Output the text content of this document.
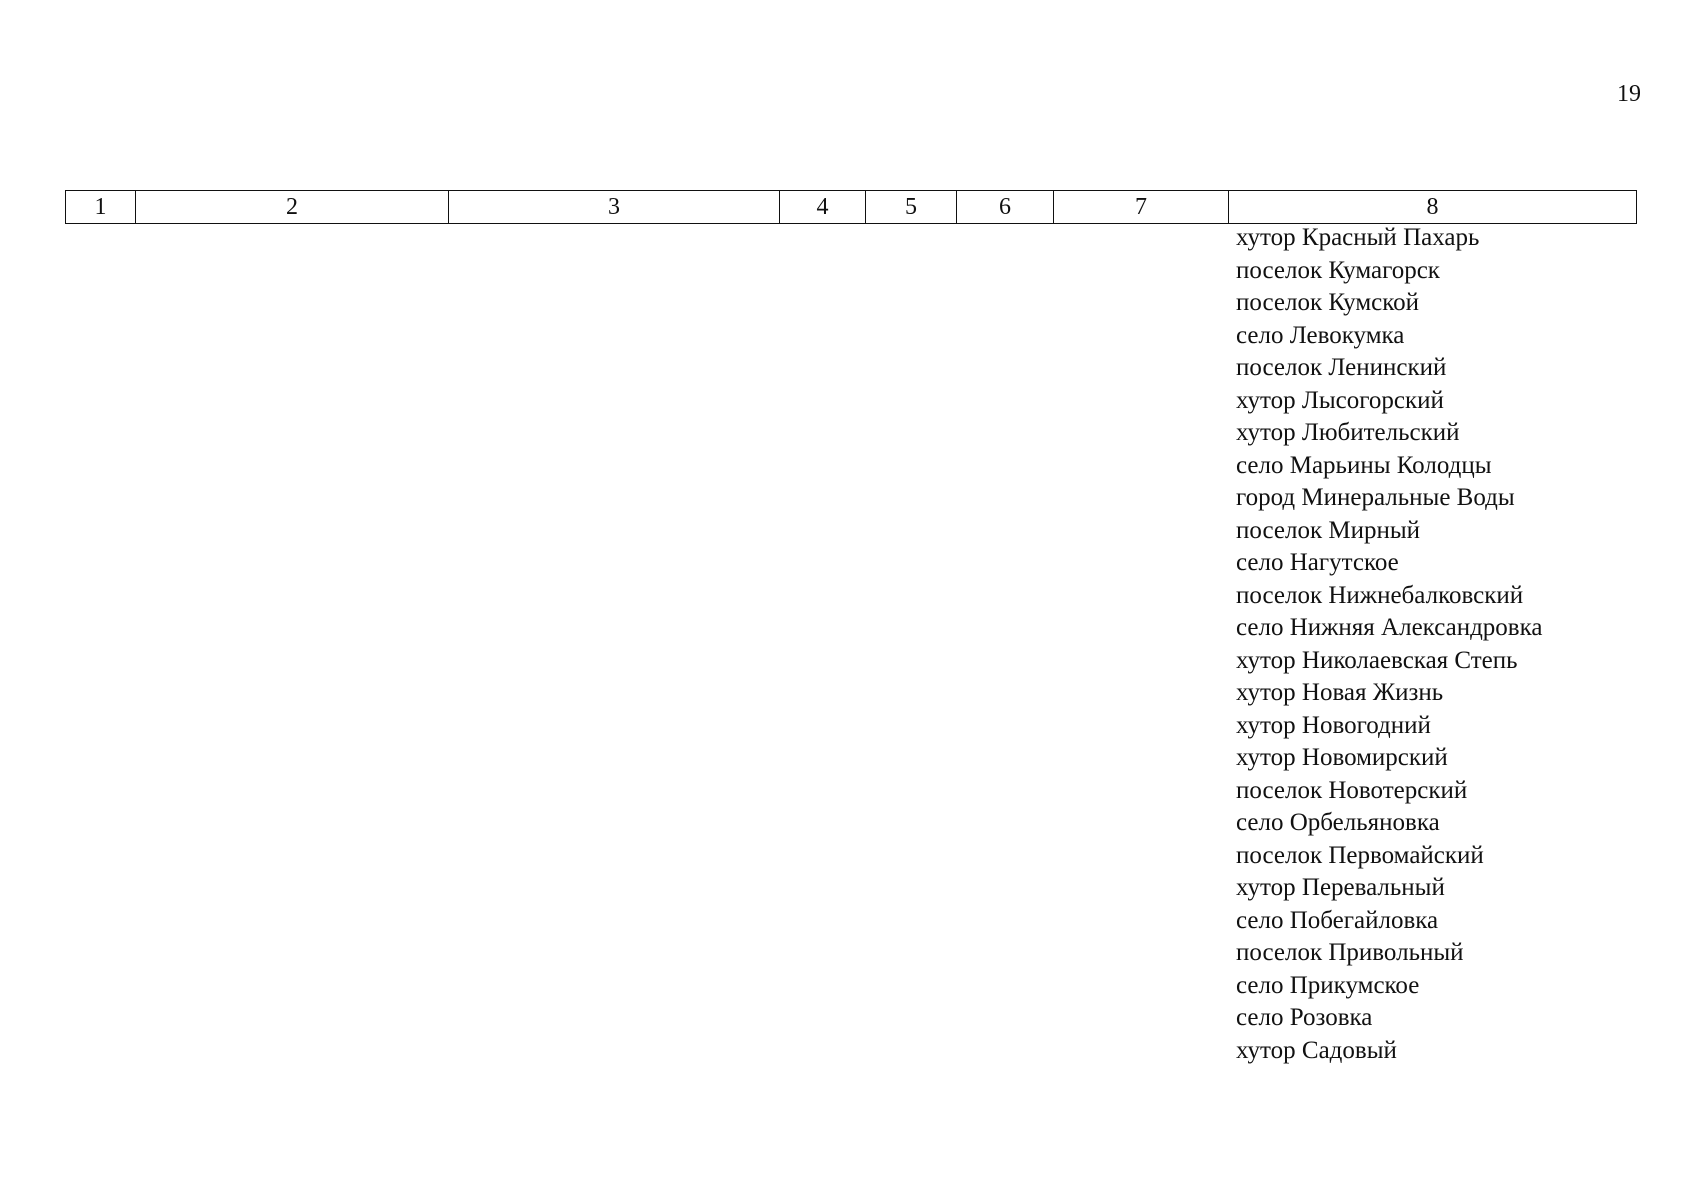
19
1	2	3	4	5	6	7	8
хутор Красный Пахарь
поселок Кумагорск
поселок Кумской
село Левокумка
поселок Ленинский
хутор Лысогорский
хутор Любительский
село Марьины Колодцы
город Минеральные Воды
поселок Мирный
село Нагутское
поселок Нижнебалковский
село Нижняя Александровка
хутор Николаевская Степь
хутор Новая Жизнь
хутор Новогодний
хутор Новомирский
поселок Новотерский
село Орбельяновка
поселок Первомайский
хутор Перевальный
село Побегайловка
поселок Привольный
село Прикумское
село Розовка
хутор Садовый
